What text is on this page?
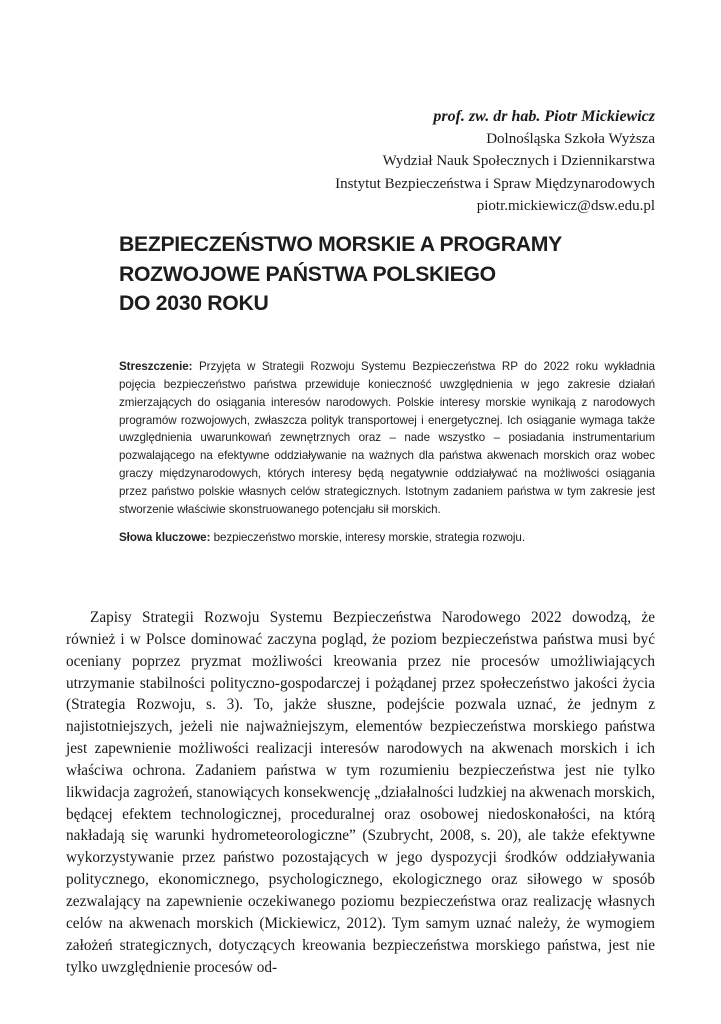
prof. zw. dr hab. Piotr Mickiewicz
Dolnośląska Szkoła Wyższa
Wydział Nauk Społecznych i Dziennikarstwa
Instytut Bezpieczeństwa i Spraw Międzynarodowych
piotr.mickiewicz@dsw.edu.pl
BEZPIECZEŃSTWO MORSKIE A PROGRAMY
ROZWOJOWE PAŃSTWA POLSKIEGO
DO 2030 ROKU

Streszczenie: Przyjęta w Strategii Rozwoju Systemu Bezpieczeństwa RP do 2022 roku wykładnia pojęcia bezpieczeństwo państwa przewiduje konieczność uwzględnienia w jego zakresie działań zmierzających do osiągania interesów narodowych. Polskie interesy morskie wynikają z narodowych programów rozwojowych, zwłaszcza polityk transportowej i energetycznej. Ich osiąganie wymaga także uwzględnienia uwarunkowań zewnętrznych oraz – nade wszystko – posiadania instrumentarium pozwalającego na efektywne oddziaływanie na ważnych dla państwa akwenach morskich oraz wobec graczy międzynarodowych, których interesy będą negatywnie oddziaływać na możliwości osiągania przez państwo polskie własnych celów strategicznych. Istotnym zadaniem państwa w tym zakresie jest stworzenie właściwie skonstruowanego potencjału sił morskich.

Słowa kluczowe: bezpieczeństwo morskie, interesy morskie, strategia rozwoju.

Zapisy Strategii Rozwoju Systemu Bezpieczeństwa Narodowego 2022 dowodzą, że również i w Polsce dominować zaczyna pogląd, że poziom bezpieczeństwa państwa musi być oceniany poprzez pryzmat możliwości kreowania przez nie procesów umożliwiających utrzymanie stabilności polityczno-gospodarczej i pożądanej przez społeczeństwo jakości życia (Strategia Rozwoju, s. 3). To, jakże słuszne, podejście pozwala uznać, że jednym z najistotniejszych, jeżeli nie najważniejszym, elementów bezpieczeństwa morskiego państwa jest zapewnienie możliwości realizacji interesów narodowych na akwenach morskich i ich właściwa ochrona. Zadaniem państwa w tym rozumieniu bezpieczeństwa jest nie tylko likwidacja zagrożeń, stanowiących konsekwencję „działalności ludzkiej na akwenach morskich, będącej efektem technologicznej, proceduralnej oraz osobowej niedoskonałości, na którą nakładają się warunki hydrometeorologiczne” (Szubrycht, 2008, s. 20), ale także efektywne wykorzystywanie przez państwo pozostających w jego dyspozycji środków oddziaływania politycznego, ekonomicznego, psychologicznego, ekologicznego oraz siłowego w sposób zezwalający na zapewnienie oczekiwanego poziomu bezpieczeństwa oraz realizację własnych celów na akwenach morskich (Mickiewicz, 2012). Tym samym uznać należy, że wymogiem założeń strategicznych, dotyczących kreowania bezpieczeństwa morskiego państwa, jest nie tylko uwzględnienie procesów od-
